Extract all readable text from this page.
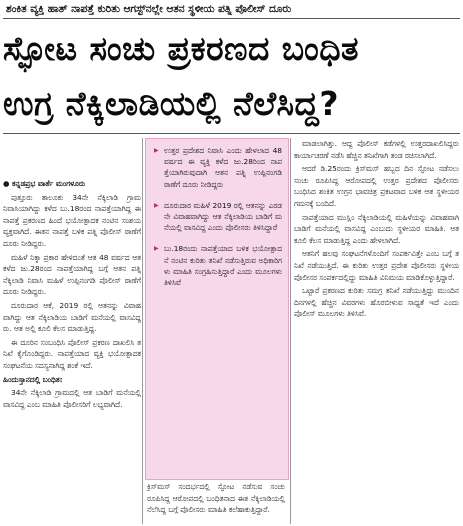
ಶಂಕಿತ ವ್ಯಕ್ತಿ ಹಾತ್ ನಾಪತ್ತೆ ಕುರಿತು ಆಗಸ್ಟ್‌ನಲ್ಲೇ ಆತನ ಸ್ಥಳೀಯ ಪತ್ನಿ ಪೊಲೀಸ್ ದೂರು
ಸ್ಫೋಟ ಸಂಚು ಪ್ರಕರಣದ ಬಂಧಿತ
ಉಗ್ರ ನೆಕ್ಕಿಲಾಡಿಯಲ್ಲಿ ನೆಲೆಸಿದ್ದ?

● ಕನ್ನಡಪ್ರಭ ವಾರ್ತೆ ಮಂಗಳೂರು

ಪುತ್ತೂರು ತಾಲೂಕು 34ನೇ ನೆಕ್ಕಿಲಾಡಿ ಗ್ರಾಮ ನಿವಾಸಿಯಾಗಿದ್ದು ಕಳೆದ ಬು.18ರಂದ ನಾಪತ್ತೆಯಾಗಿದ್ದ ಈ ನಾಪತ್ತೆ ಪ್ರಕರಣದ ಹಿಂದೆ ಭಯೋತ್ಪಾದಕ ನಂಟಿನ ಸಂಶಯ ವ್ಯಕ್ತವಾಗಿದೆ. ಈತನ ನಾಪತ್ತೆ ಬಳಿಕ ಪತ್ನಿ ಪೊಲೀಸ್ ಠಾಣೆಗೆ ದೂರು ನೀಡಿದ್ದರು.

ಮಹಿಳೆ ನಿಕ್ಕಾ ಪ್ರಕಾರ ಹೇಳಿದಂತೆ ಆತ 48 ವರ್ಷದ ಆತ ಕಳೆದ ಜು.28ರಂದ ನಾಪತ್ತೆಯಾಗಿದ್ದ ಬಗ್ಗೆ ಆತನ ಪತ್ನಿ ನೆಕ್ಕಿಲಾಡಿ ನಿವಾಸಿ ಮಹಿಳೆ ಉಪ್ಪಿನಂಗಡಿ ಪೊಲೀಸ್ ಠಾಣೆಗೆ ದೂರು ನೀಡಿದ್ದರು.

ದೂರುದಾರ ಆಕೆ, 2019 ರಲ್ಲಿ ಆತನನ್ನು ವಿವಾಹವಾಗಿದ್ದು ಆತ ನೆಕ್ಕಿಲಾಡಿಯ ಬಾಡಿಗೆ ಮನೆಯಲ್ಲಿ ವಾಸವಿದ್ದರು. ಆತ ಅಲ್ಲಿ ಕೂಲಿ ಕೆಲಸ ಮಾಡುತ್ತಿದ್ದ.

ಈ ದೂರಿನ ಸಂಬಂಧಿಸಿ ಪೊಲೀಸ್ ಪ್ರಕರಣ ದಾಖಲಿಸಿ ತನಿಖೆ ಕೈಗೊಂಡಿದ್ದರು. ನಾಪತ್ತೆಯಾದ ವ್ಯಕ್ತಿ ಭಯೋತ್ಪಾದಕ ಸಂಘಟನೆಯ ಸದಸ್ಯನಾಗಿದ್ದ ಶಂಕೆ ಇದೆ.

ಹಿಂದುಸ್ತಾನದಲ್ಲಿ ಬಂಧಿತ:

34ನೇ ನೆಕ್ಕಿಲಾಡಿ ಗ್ರಾಮದಲ್ಲಿ ಆತ ಬಾಡಿಗೆ ಮನೆಯಲ್ಲಿ ವಾಸವಿದ್ದ ಎಂಬ ಮಾಹಿತಿ ಪೊಲೀಸರಿಗೆ ಲಭ್ಯವಾಗಿದೆ.

▶ ಉತ್ತರ ಪ್ರದೇಶದ ನಿವಾಸಿ ಎಂದು ಹೇಳಲಾದ 48 ವರ್ಷದ ಈ ವ್ಯಕ್ತಿ ಕಳೆದ ಜು.28ರಿಂದ ನಾಪತ್ತೆಯಾಗಿರುವುದಾಗಿ ಆತನ ಪತ್ನಿ ಉಪ್ಪಿನಂಗಡಿ ಠಾಣೆಗೆ ದೂರು ನೀಡಿದ್ದರು
▶ ದೂರುದಾರ ಮಹಿಳೆ 2019 ರಲ್ಲಿ ಆತನನ್ನು ಎರಡನೇ ವಿವಾಹವಾಗಿದ್ದು ಆತ ನೆಕ್ಕಿಲಾಡಿಯ ಬಾಡಿಗೆ ಮನೆಯಲ್ಲಿ ವಾಸವಿದ್ದ ಎಂದು ಪೊಲೀಸರು ತಿಳಿಸಿದ್ದಾರೆ
▶ ಬು.18ರಂದು ನಾಪತ್ತೆಯಾದ ಬಳಿಕ ಭಯೋತ್ಪಾದನೆ ನಂಟಿನ ಕುರಿತು ತನಿಖೆ ನಡೆಸುತ್ತಿರುವ ಅಧಿಕಾರಿಗಳು ಮಾಹಿತಿ ಸಂಗ್ರಹಿಸುತ್ತಿದ್ದಾರೆ ಎಂದು ಮೂಲಗಳು ತಿಳಿಸಿವೆ

ಕ್ರಿಸ್‌ಮಸ್ ಸಂದರ್ಭದಲ್ಲಿ ಸ್ಫೋಟ ನಡೆಸುವ ಸಂಚು ರೂಪಿಸಿದ್ದ ಆರೋಪದಲ್ಲಿ ಬಂಧಿತನಾದ ಈತ ನೆಕ್ಕಿಲಾಡಿಯಲ್ಲಿ ನೆಲೆಸಿದ್ದ ಬಗ್ಗೆ ಪೊಲೀಸರು ಮಾಹಿತಿ ಕಲೆಹಾಕುತ್ತಿದ್ದಾರೆ.

ಮಾಡಲಾಗಿತ್ತು. ಆದ್ದ ಪೊಲೀಸ್ ಕಡೆಗಳಲ್ಲಿ ಉತ್ತರದಾಖಲಿಸಿದ್ದರು ಕಾರ್ಯಾಚರಣೆ ನಡೆಸಿ ಹೆಚ್ಚಿನ ತನಿಖೆಗಾಗಿ ತಂಡ ರಚಿಸಲಾಗಿದೆ.

ಆದರೆ ಡಿ.25ರಂದು ಕ್ರಿಸ್‌ಮಸ್ ಹಬ್ಬದ ದಿನ ಸ್ಫೋಟ ನಡೆಸಲು ಸಂಚು ರೂಪಿಸಿದ್ದ ಆರೋಪದಲ್ಲಿ ಉತ್ತರ ಪ್ರದೇಶದ ಪೊಲೀಸರು ಬಂಧಿಸಿದ ಶಂಕಿತ ಉಗ್ರನ ಭಾವಚಿತ್ರ ಪ್ರಕಟವಾದ ಬಳಿಕ ಆತ ಸ್ಥಳೀಯರ ಗಮನಕ್ಕೆ ಬಂದಿದೆ.

ನಾಪತ್ತೆಯಾದ ಮುಸ್ಲಿಂ ನೆಕ್ಕಿಲಾಡಿಯಲ್ಲಿ ಮಹಿಳೆಯನ್ನು ವಿವಾಹವಾಗಿ ಬಾಡಿಗೆ ಮನೆಯಲ್ಲಿ ವಾಸವಿದ್ದ ಎಂಬುದು ಸ್ಥಳೀಯರ ಮಾಹಿತಿ. ಆತ ಕೂಲಿ ಕೆಲಸ ಮಾಡುತ್ತಿದ್ದ ಎಂದು ಹೇಳಲಾಗಿದೆ.

ಆತನಿಗೆ ಹಲವು ಸಂಘಟನೆಗಳೊಂದಿಗೆ ಸಂಪರ್ಕವಿತ್ತೇ ಎಂಬ ಬಗ್ಗೆ ತನಿಖೆ ನಡೆಯುತ್ತಿದೆ. ಈ ಕುರಿತು ಉತ್ತರ ಪ್ರದೇಶ ಪೊಲೀಸರು ಸ್ಥಳೀಯ ಪೊಲೀಸರ ಸಂಪರ್ಕದಲ್ಲಿದ್ದು ಮಾಹಿತಿ ವಿನಿಮಯ ಮಾಡಿಕೊಳ್ಳುತ್ತಿದ್ದಾರೆ.

ಒಟ್ಟಾರೆ ಪ್ರಕರಣದ ಕುರಿತು ಸಮಗ್ರ ತನಿಖೆ ನಡೆಯುತ್ತಿದ್ದು ಮುಂದಿನ ದಿನಗಳಲ್ಲಿ ಹೆಚ್ಚಿನ ವಿವರಗಳು ಹೊರಬೀಳುವ ಸಾಧ್ಯತೆ ಇದೆ ಎಂದು ಪೊಲೀಸ್ ಮೂಲಗಳು ತಿಳಿಸಿವೆ.
